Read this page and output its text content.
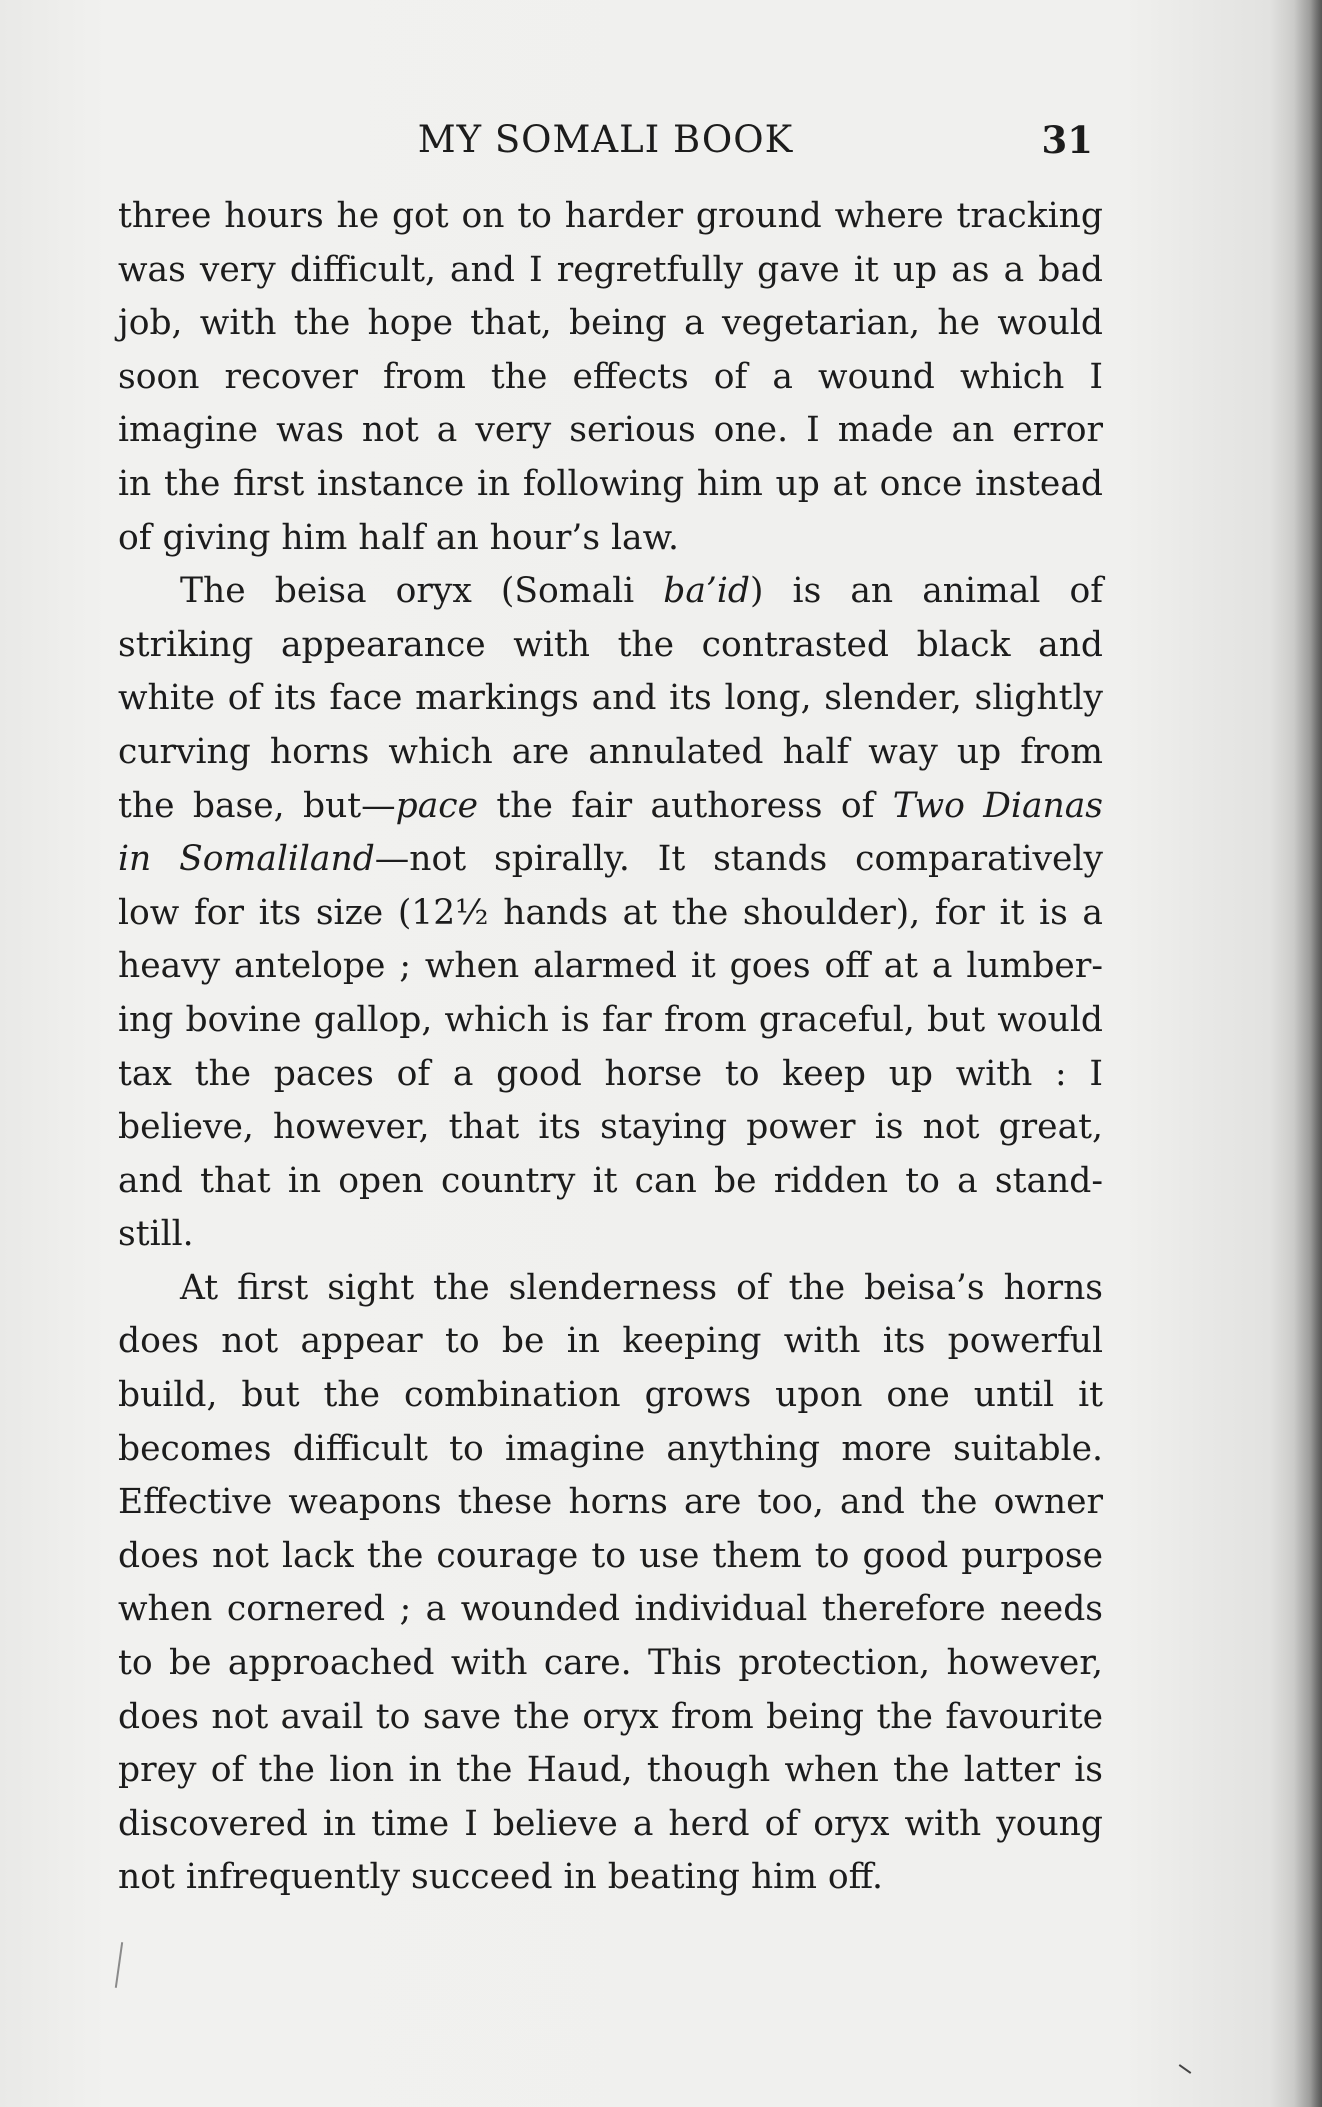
MY SOMALI BOOK	31
three hours he got on to harder ground where tracking
was very difficult, and I regretfully gave it up as a bad
job, with the hope that, being a vegetarian, he would
soon recover from the effects of a wound which I
imagine was not a very serious one. I made an error
in the first instance in following him up at once instead
of giving him half an hour’s law.
The beisa oryx (Somali ba’id) is an animal of
striking appearance with the contrasted black and
white of its face markings and its long, slender, slightly
curving horns which are annulated half way up from
the base, but—pace the fair authoress of Two Dianas
in Somaliland—not spirally. It stands comparatively
low for its size (12½ hands at the shoulder), for it is a
heavy antelope ; when alarmed it goes off at a lumber-
ing bovine gallop, which is far from graceful, but would
tax the paces of a good horse to keep up with : I
believe, however, that its staying power is not great,
and that in open country it can be ridden to a stand-
still.
At first sight the slenderness of the beisa’s horns
does not appear to be in keeping with its powerful
build, but the combination grows upon one until it
becomes difficult to imagine anything more suitable.
Effective weapons these horns are too, and the owner
does not lack the courage to use them to good purpose
when cornered ; a wounded individual therefore needs
to be approached with care. This protection, however,
does not avail to save the oryx from being the favourite
prey of the lion in the Haud, though when the latter is
discovered in time I believe a herd of oryx with young
not infrequently succeed in beating him off.
